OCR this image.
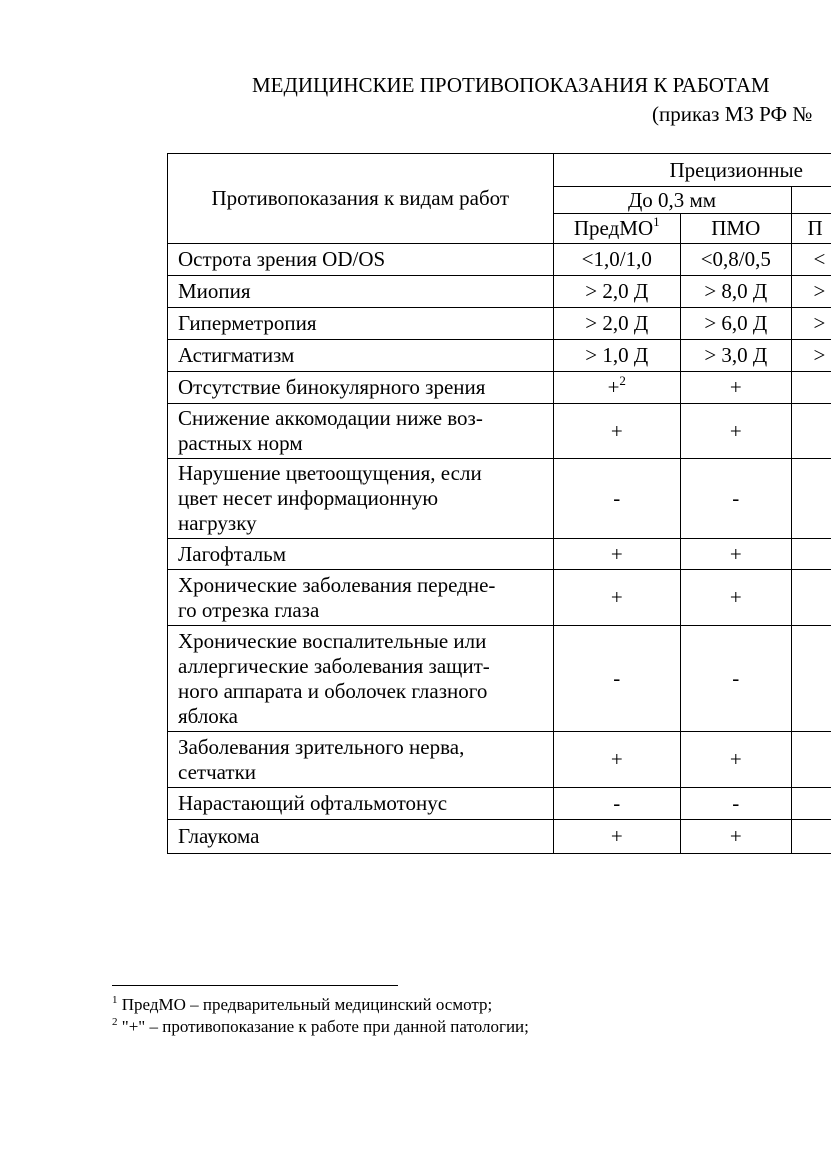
МЕДИЦИНСКИЕ ПРОТИВОПОКАЗАНИЯ К РАБОТАМ
(приказ МЗ РФ №
Противопоказания к видам работ	Прецизионные		
	До 0,3 мм		
	ПредМО$^1$	ПМО	П
Острота зрения OD/OS	<1,0/1,0	<0,8/0,5	<
Миопия	> 2,0 Д	> 8,0 Д	>
Гиперметропия	> 2,0 Д	> 6,0 Д	>
Астигматизм	> 1,0 Д	> 3,0 Д	>
Отсутствие бинокулярного зрения	+$^2$	+	
Снижение аккомодации ниже воз-
растных норм	+	+	
Нарушение цветоощущения, если
цвет несет информационную
нагрузку	-	-	
Лагофтальм	+	+	
Хронические заболевания передне-
го отрезка глаза	+	+	
Хронические воспалительные или
аллергические заболевания защит-
ного аппарата и оболочек глазного
яблока	-	-	
Заболевания зрительного нерва,
сетчатки	+	+	
Нарастающий офтальмотонус	-	-	
Глаукома	+	+	
$^1$ ПредМО – предварительный медицинский осмотр;
$^2$ "+" – противопоказание к работе при данной патологии;
